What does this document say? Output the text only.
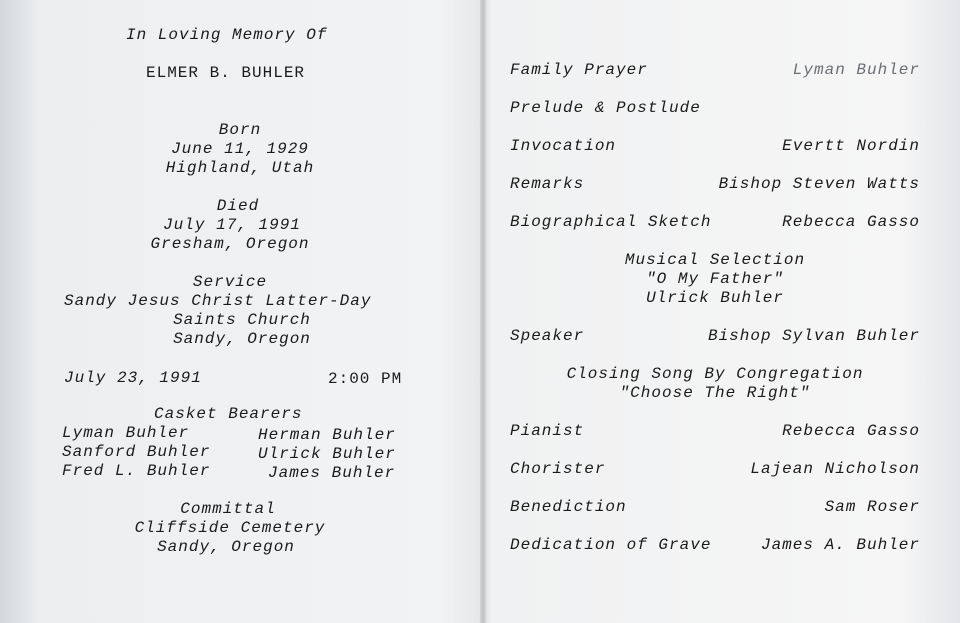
In Loving Memory Of
ELMER B. BUHLER
Born
June 11, 1929
Highland, Utah
Died
July 17, 1991
Gresham, Oregon
Service
Sandy Jesus Christ Latter-Day
Saints Church
Sandy, Oregon
July 23, 1991	2:00 PM
Casket Bearers
Lyman Buhler	Herman Buhler
Sanford Buhler	Ulrick Buhler
Fred L. Buhler	James Buhler
Committal
Cliffside Cemetery
Sandy, Oregon
Family Prayer	Lyman Buhler
Prelude & Postlude
Invocation	Evertt Nordin
Remarks	Bishop Steven Watts
Biographical Sketch	Rebecca Gasso
Musical Selection
"O My Father"
Ulrick Buhler
Speaker	Bishop Sylvan Buhler
Closing Song By Congregation
"Choose The Right"
Pianist	Rebecca Gasso
Chorister	Lajean Nicholson
Benediction	Sam Roser
Dedication of Grave	James A. Buhler
